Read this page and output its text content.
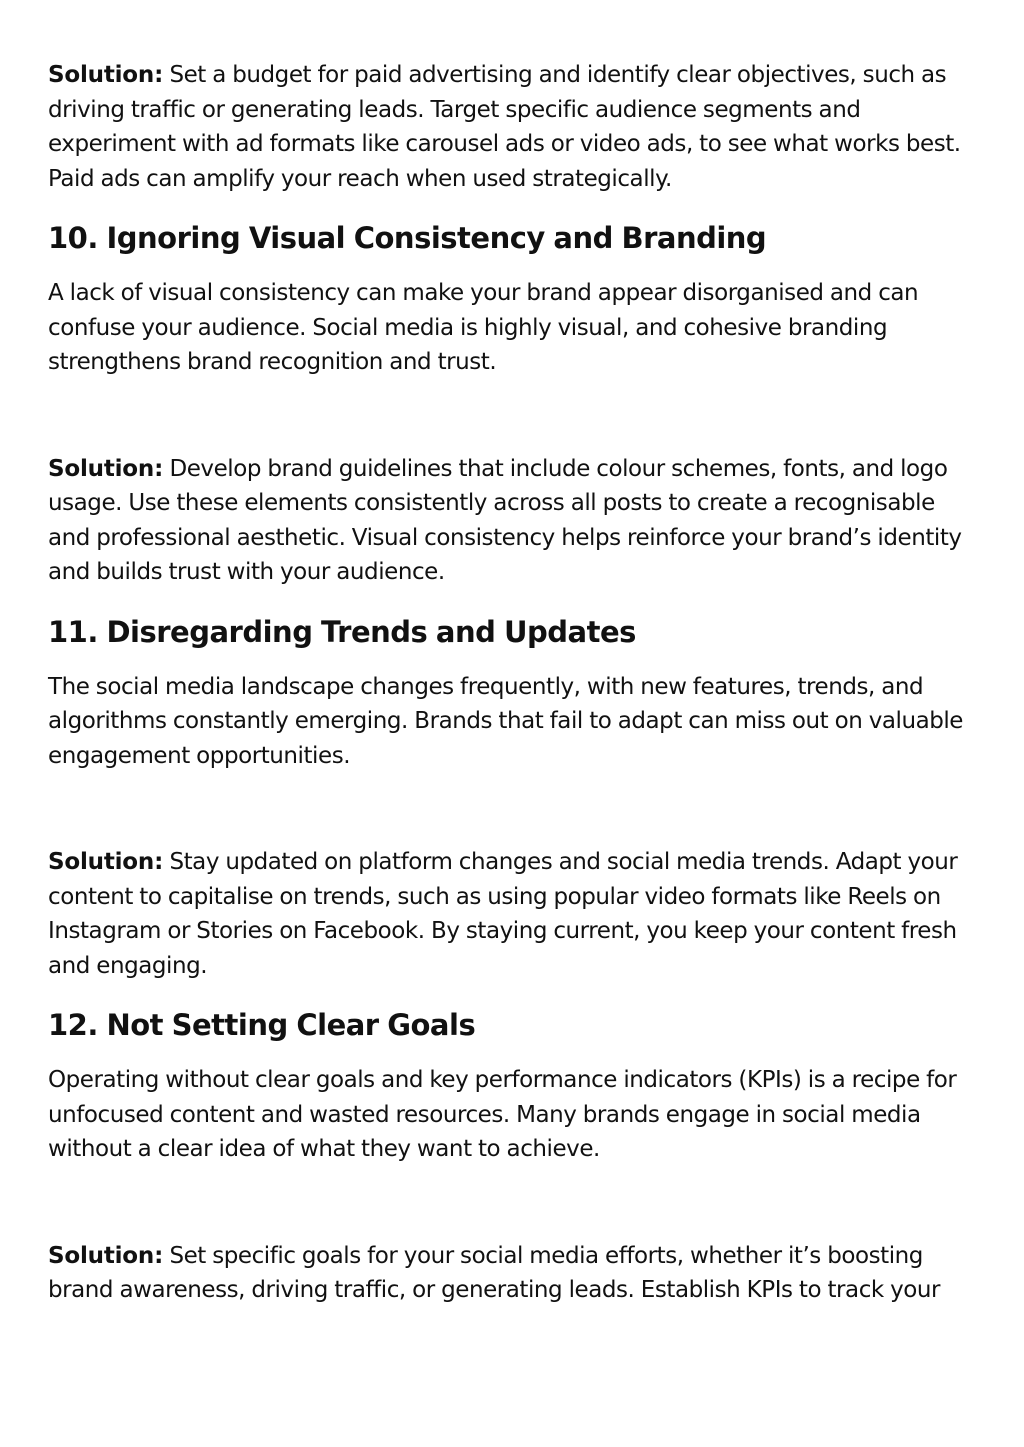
Solution: Set a budget for paid advertising and identify clear objectives, such as driving traffic or generating leads. Target specific audience segments and experiment with ad formats like carousel ads or video ads, to see what works best. Paid ads can amplify your reach when used strategically.

10. Ignoring Visual Consistency and Branding

A lack of visual consistency can make your brand appear disorganised and can confuse your audience. Social media is highly visual, and cohesive branding strengthens brand recognition and trust.

Solution: Develop brand guidelines that include colour schemes, fonts, and logo usage. Use these elements consistently across all posts to create a recognisable and professional aesthetic. Visual consistency helps reinforce your brand’s identity and builds trust with your audience.

11. Disregarding Trends and Updates

The social media landscape changes frequently, with new features, trends, and algorithms constantly emerging. Brands that fail to adapt can miss out on valuable engagement opportunities.

Solution: Stay updated on platform changes and social media trends. Adapt your content to capitalise on trends, such as using popular video formats like Reels on Instagram or Stories on Facebook. By staying current, you keep your content fresh and engaging.

12. Not Setting Clear Goals

Operating without clear goals and key performance indicators (KPIs) is a recipe for unfocused content and wasted resources. Many brands engage in social media without a clear idea of what they want to achieve.

Solution: Set specific goals for your social media efforts, whether it’s boosting brand awareness, driving traffic, or generating leads. Establish KPIs to track your
